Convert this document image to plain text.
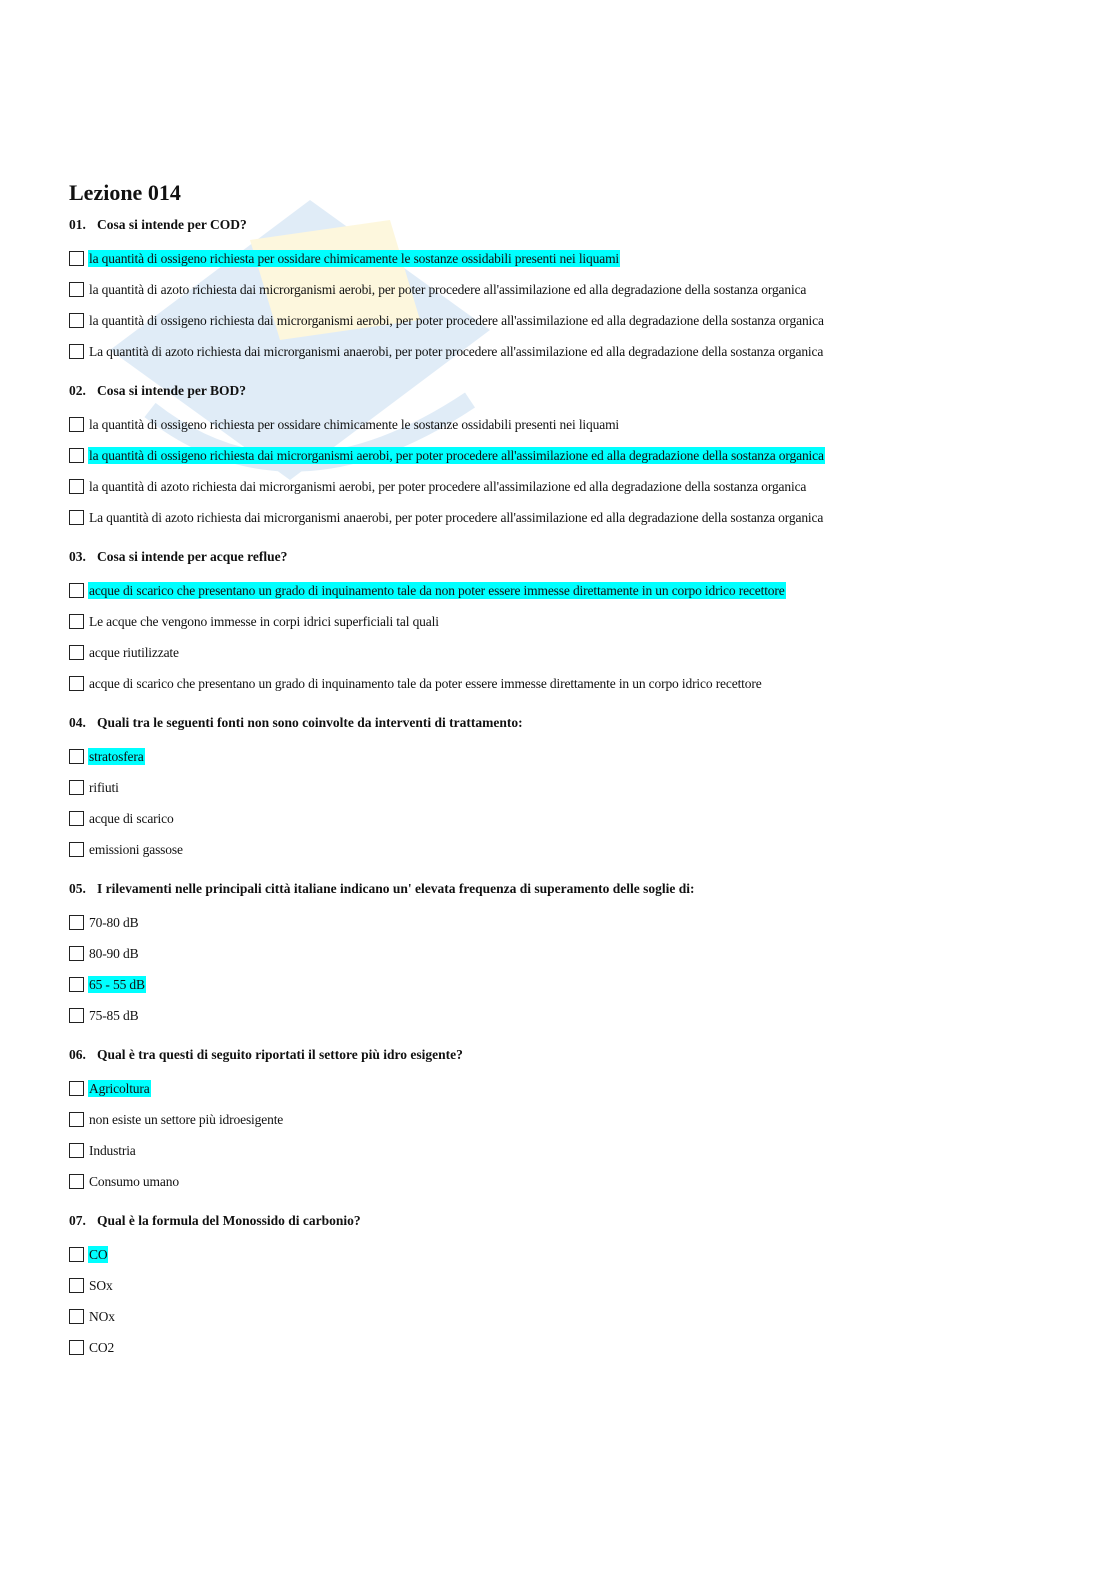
Lezione 014
01. Cosa si intende per COD?
la quantità di ossigeno richiesta per ossidare chimicamente le sostanze ossidabili presenti nei liquami
la quantità di azoto richiesta dai microrganismi aerobi, per poter procedere all'assimilazione ed alla degradazione della sostanza organica
la quantità di ossigeno richiesta dai microrganismi aerobi, per poter procedere all'assimilazione ed alla degradazione della sostanza organica
La quantità di azoto richiesta dai microrganismi anaerobi, per poter procedere all'assimilazione ed alla degradazione della sostanza organica
02. Cosa si intende per BOD?
la quantità di ossigeno richiesta per ossidare chimicamente le sostanze ossidabili presenti nei liquami
la quantità di ossigeno richiesta dai microrganismi aerobi, per poter procedere all'assimilazione ed alla degradazione della sostanza organica
la quantità di azoto richiesta dai microrganismi aerobi, per poter procedere all'assimilazione ed alla degradazione della sostanza organica
La quantità di azoto richiesta dai microrganismi anaerobi, per poter procedere all'assimilazione ed alla degradazione della sostanza organica
03. Cosa si intende per acque reflue?
acque di scarico che presentano un grado di inquinamento tale da non poter essere immesse direttamente in un corpo idrico recettore
Le acque che vengono immesse in corpi idrici superficiali tal quali
acque riutilizzate
acque di scarico che presentano un grado di inquinamento tale da poter essere immesse direttamente in un corpo idrico recettore
04. Quali tra le seguenti fonti non sono coinvolte da interventi di trattamento:
stratosfera
rifiuti
acque di scarico
emissioni gassose
05. I rilevamenti nelle principali città italiane indicano un' elevata frequenza di superamento delle soglie di:
70-80 dB
80-90 dB
65 - 55 dB
75-85 dB
06. Qual è tra questi di seguito riportati il settore più idro esigente?
Agricoltura
non esiste un settore più idroesigente
Industria
Consumo umano
07. Qual è la formula del Monossido di carbonio?
CO
SOx
NOx
CO2
